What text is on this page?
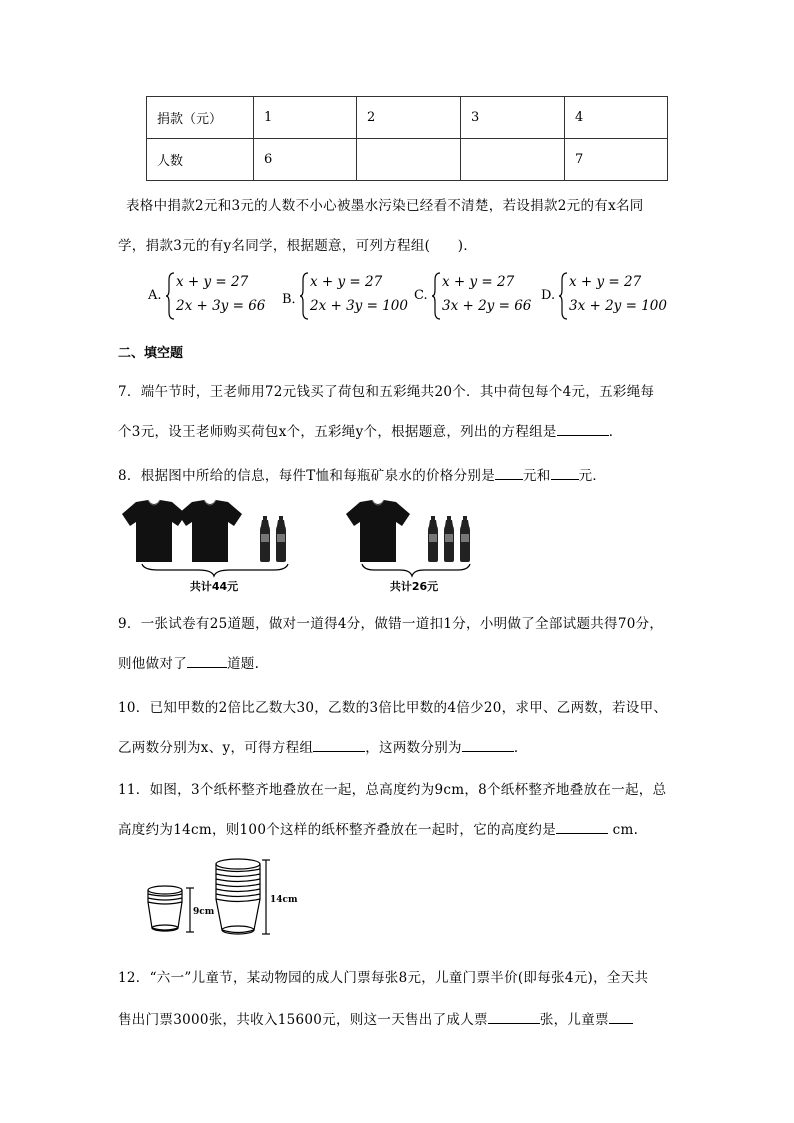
捐款（元）	1	2	3	4
人数	6			7
表格中捐款2元和3元的人数不小心被墨水污染已经看不清楚，若设捐款2元的有x名同
学，捐款3元的有y名同学，根据题意，可列方程组(　　)．
A.
x + y = 27
2x + 3y = 66 B．
x + y = 27
2x + 3y = 100
C.
x + y = 27
3x + 2y = 66
D.
x + y = 27
3x + 2y = 100
二、填空题
7．端午节时，王老师用72元钱买了荷包和五彩绳共20个．其中荷包每个4元，五彩绳每
个3元，设王老师购买荷包x个，五彩绳y个，根据题意，列出的方程组是	．
8．根据图中所给的信息，每件T恤和每瓶矿泉水的价格分别是 元和 元．
共计44元	共计26元
9．一张试卷有25道题，做对一道得4分，做错一道扣1分，小明做了全部试题共得70分，
则他做对了	道题.
10．已知甲数的2倍比乙数大30，乙数的3倍比甲数的4倍少20，求甲、乙两数，若设甲、
乙两数分别为x、y，可得方程组	，这两数分别为	．
11．如图，3个纸杯整齐地叠放在一起，总高度约为9cm，8个纸杯整齐地叠放在一起，总
高度约为14cm，则100个这样的纸杯整齐叠放在一起时，它的高度约是	cm.
9cm
14cm
12．“六一”儿童节，某动物园的成人门票每张8元，儿童门票半价(即每张4元)，全天共
售出门票3000张，共收入15600元，则这一天售出了成人票	张，儿童票
